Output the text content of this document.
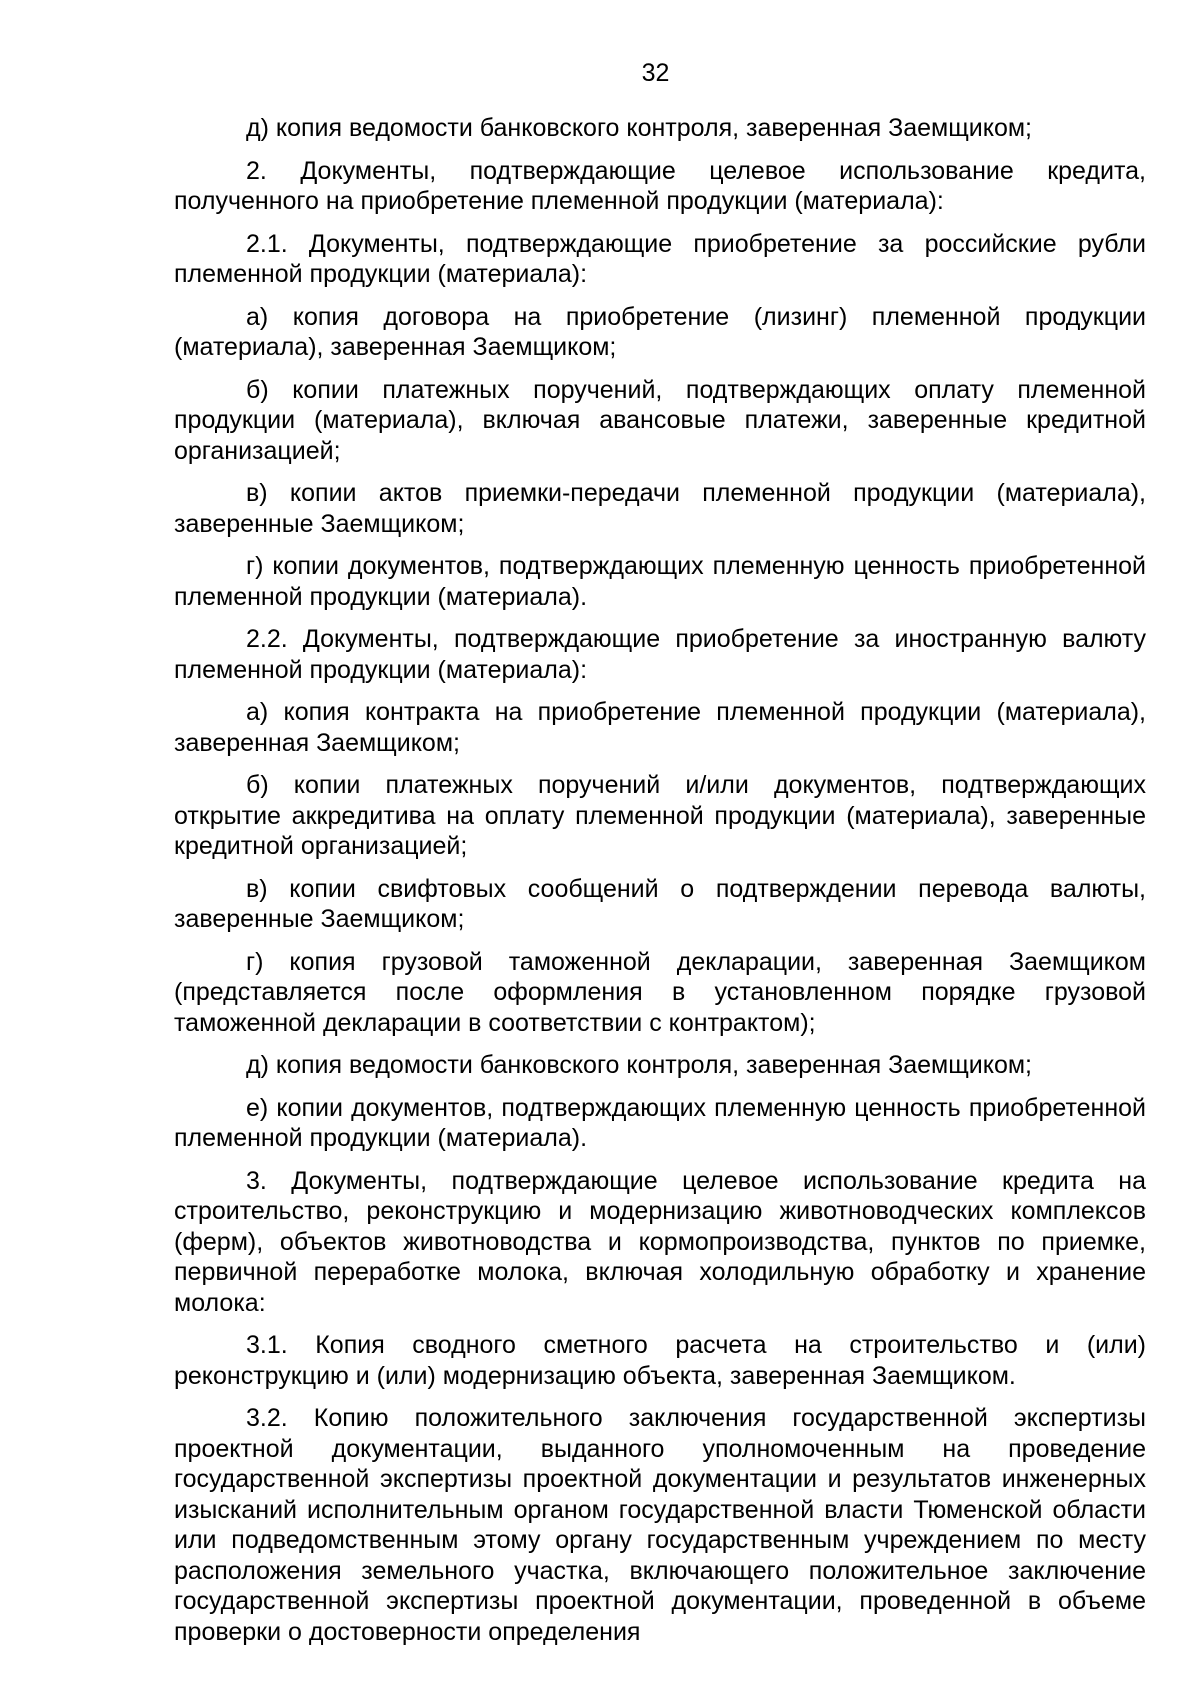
32

д) копия ведомости банковского контроля, заверенная Заемщиком;

2. Документы, подтверждающие целевое использование кредита, полученного на приобретение племенной продукции (материала):

2.1. Документы, подтверждающие приобретение за российские рубли племенной продукции (материала):

а) копия договора на приобретение (лизинг) племенной продукции (материала), заверенная Заемщиком;

б) копии платежных поручений, подтверждающих оплату племенной продукции (материала), включая авансовые платежи, заверенные кредитной организацией;

в) копии актов приемки-передачи племенной продукции (материала), заверенные Заемщиком;

г) копии документов, подтверждающих племенную ценность приобретенной племенной продукции (материала).

2.2. Документы, подтверждающие приобретение за иностранную валюту племенной продукции (материала):

а) копия контракта на приобретение племенной продукции (материала), заверенная Заемщиком;

б) копии платежных поручений и/или документов, подтверждающих открытие аккредитива на оплату племенной продукции (материала), заверенные кредитной организацией;

в) копии свифтовых сообщений о подтверждении перевода валюты, заверенные Заемщиком;

г) копия грузовой таможенной декларации, заверенная Заемщиком (представляется после оформления в установленном порядке грузовой таможенной декларации в соответствии с контрактом);

д) копия ведомости банковского контроля, заверенная Заемщиком;

е) копии документов, подтверждающих племенную ценность приобретенной племенной продукции (материала).

3. Документы, подтверждающие целевое использование кредита на строительство, реконструкцию и модернизацию животноводческих комплексов (ферм), объектов животноводства и кормопроизводства, пунктов по приемке, первичной переработке молока, включая холодильную обработку и хранение молока:

3.1. Копия сводного сметного расчета на строительство и (или) реконструкцию и (или) модернизацию объекта, заверенная Заемщиком.

3.2. Копию положительного заключения государственной экспертизы проектной документации, выданного уполномоченным на проведение государственной экспертизы проектной документации и результатов инженерных изысканий исполнительным органом государственной власти Тюменской области или подведомственным этому органу государственным учреждением по месту расположения земельного участка, включающего положительное заключение государственной экспертизы проектной документации, проведенной в объеме проверки о достоверности определения
